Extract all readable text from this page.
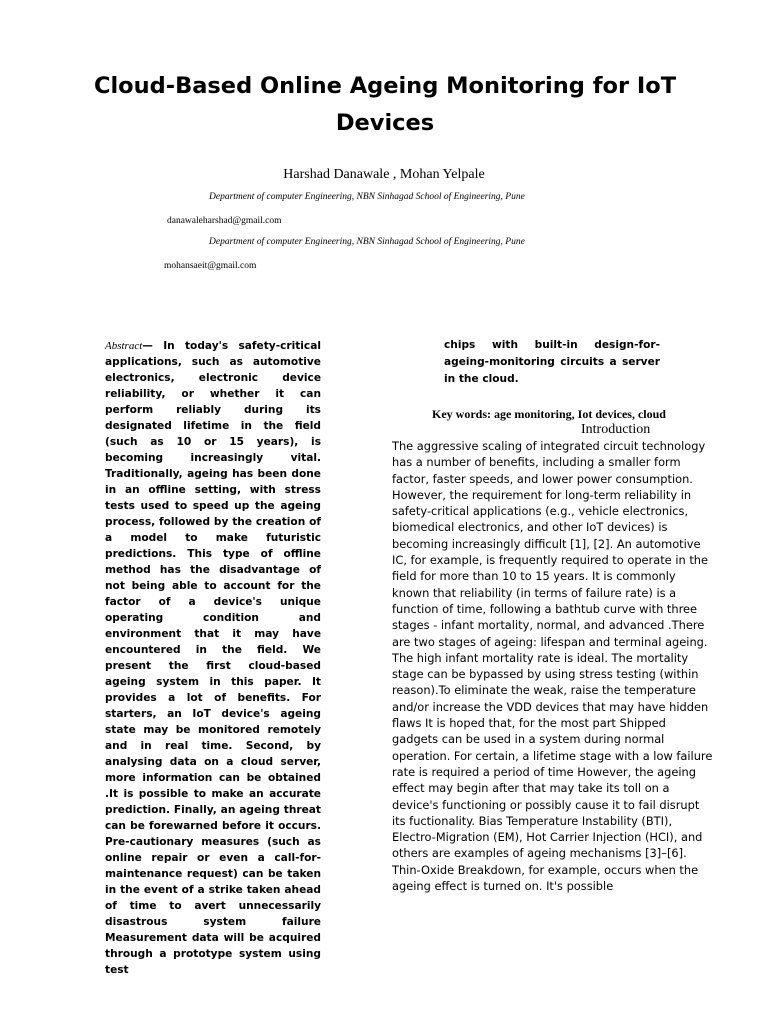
Cloud-Based Online Ageing Monitoring for IoT Devices
Harshad Danawale , Mohan Yelpale
Department of computer Engineering, NBN Sinhagad School of Engineering, Pune
danawaleharshad@gmail.com
Department of computer Engineering, NBN Sinhagad School of Engineering, Pune
mohansaeit@gmail.com
Abstract— In today's safety-critical applications, such as automotive electronics, electronic device reliability, or whether it can perform reliably during its designated lifetime in the field (such as 10 or 15 years), is becoming increasingly vital. Traditionally, ageing has been done in an offline setting, with stress tests used to speed up the ageing process, followed by the creation of a model to make futuristic predictions. This type of offline method has the disadvantage of not being able to account for the factor of a device's unique operating condition and environment that it may have encountered in the field. We present the first cloud-based ageing system in this paper. It provides a lot of benefits. For starters, an IoT device's ageing state may be monitored remotely and in real time. Second, by analysing data on a cloud server, more information can be obtained .It is possible to make an accurate prediction. Finally, an ageing threat can be forewarned before it occurs. Pre-cautionary measures (such as online repair or even a call-for-maintenance request) can be taken in the event of a strike taken ahead of time to avert unnecessarily disastrous system failure Measurement data will be acquired through a prototype system using test
chips with built-in design-for-ageing-monitoring circuits a server in the cloud.
Key words: age monitoring, Iot devices, cloud
Introduction
The aggressive scaling of integrated circuit technology has a number of benefits, including a smaller form factor, faster speeds, and lower power consumption. However, the requirement for long-term reliability in safety-critical applications (e.g., vehicle electronics, biomedical electronics, and other IoT devices) is becoming increasingly difficult [1], [2]. An automotive IC, for example, is frequently required to operate in the field for more than 10 to 15 years. It is commonly known that reliability (in terms of failure rate) is a function of time, following a bathtub curve with three stages - infant mortality, normal, and advanced .There are two stages of ageing: lifespan and terminal ageing. The high infant mortality rate is ideal. The mortality stage can be bypassed by using stress testing (within reason).To eliminate the weak, raise the temperature and/or increase the VDD devices that may have hidden flaws It is hoped that, for the most part Shipped gadgets can be used in a system during normal operation. For certain, a lifetime stage with a low failure rate is required a period of time However, the ageing effect may begin after that may take its toll on a device's functioning or possibly cause it to fail disrupt its fuctionality. Bias Temperature Instability (BTI), Electro-Migration (EM), Hot Carrier Injection (HCI), and others are examples of ageing mechanisms [3]–[6]. Thin-Oxide Breakdown, for example, occurs when the ageing effect is turned on. It's possible
